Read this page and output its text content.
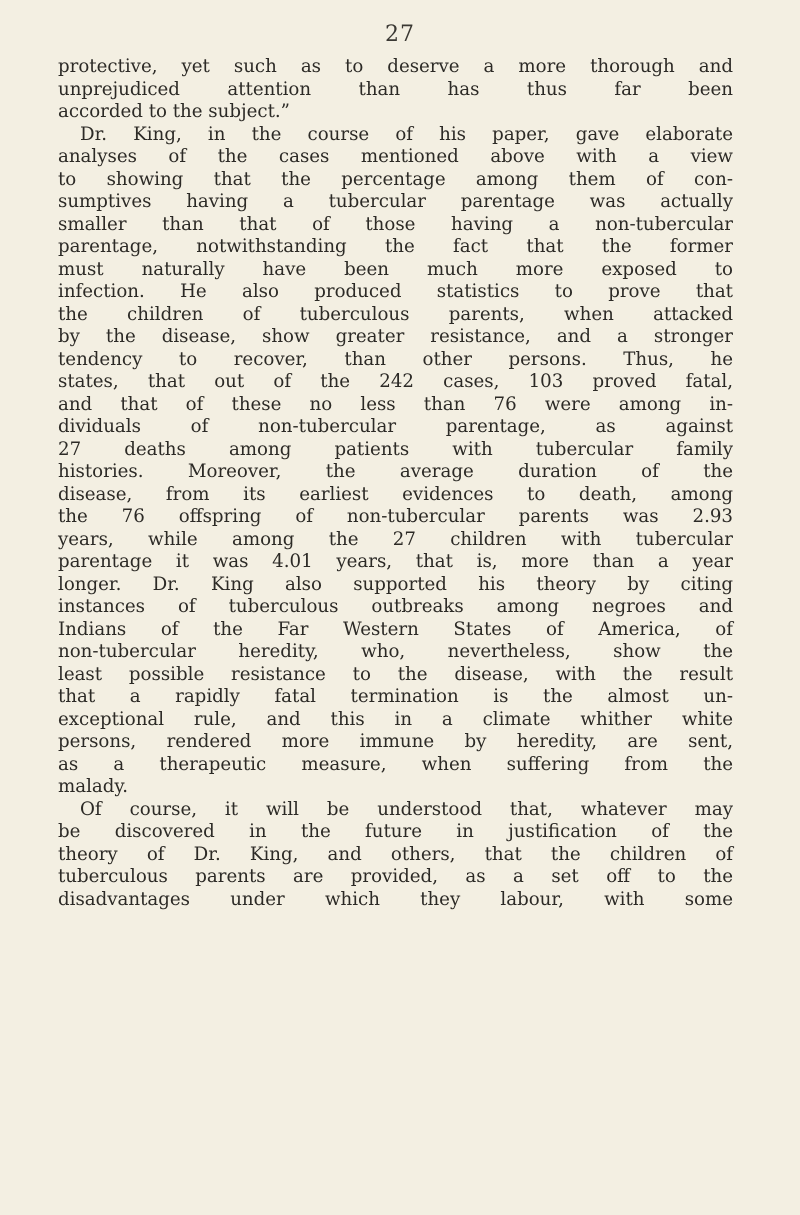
27
protective, yet such as to deserve a more thorough and
unprejudiced attention than has thus far been
accorded to the subject.”
Dr. King, in the course of his paper, gave elaborate
analyses of the cases mentioned above with a view
to showing that the percentage among them of con-
sumptives having a tubercular parentage was actually
smaller than that of those having a non-tubercular
parentage, notwithstanding the fact that the former
must naturally have been much more exposed to
infection. He also produced statistics to prove that
the children of tuberculous parents, when attacked
by the disease, show greater resistance, and a stronger
tendency to recover, than other persons. Thus, he
states, that out of the 242 cases, 103 proved fatal,
and that of these no less than 76 were among in-
dividuals of non-tubercular parentage, as against
27 deaths among patients with tubercular family
histories. Moreover, the average duration of the
disease, from its earliest evidences to death, among
the 76 offspring of non-tubercular parents was 2.93
years, while among the 27 children with tubercular
parentage it was 4.01 years, that is, more than a year
longer. Dr. King also supported his theory by citing
instances of tuberculous outbreaks among negroes and
Indians of the Far Western States of America, of
non-tubercular heredity, who, nevertheless, show the
least possible resistance to the disease, with the result
that a rapidly fatal termination is the almost un-
exceptional rule, and this in a climate whither white
persons, rendered more immune by heredity, are sent,
as a therapeutic measure, when suffering from the
malady.
Of course, it will be understood that, whatever may
be discovered in the future in justification of the
theory of Dr. King, and others, that the children of
tuberculous parents are provided, as a set off to the
disadvantages under which they labour, with some
